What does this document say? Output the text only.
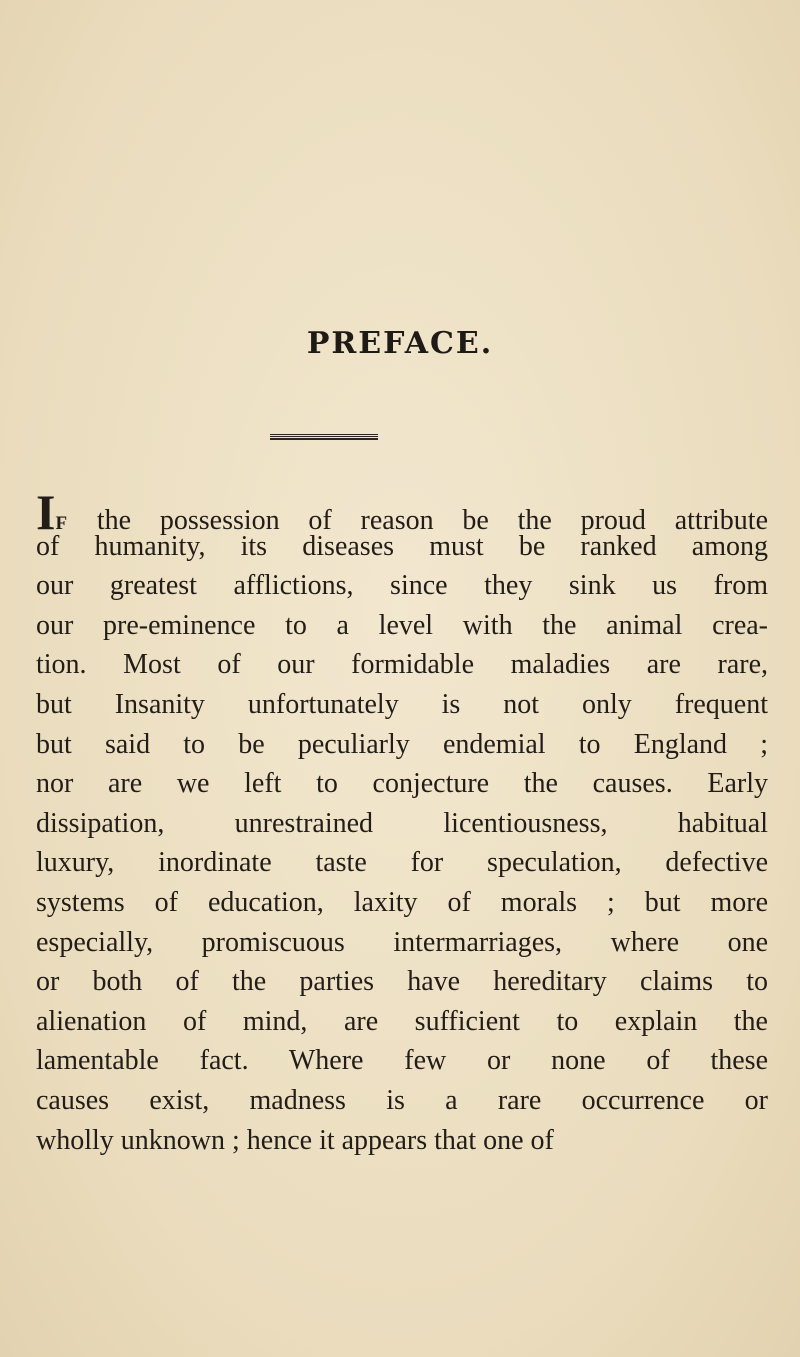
PREFACE.
IF the possession of reason be the proud attribute
of humanity, its diseases must be ranked among
our greatest afflictions, since they sink us from
our pre-eminence to a level with the animal crea-
tion. Most of our formidable maladies are rare,
but Insanity unfortunately is not only frequent
but said to be peculiarly endemial to England ;
nor are we left to conjecture the causes. Early
dissipation, unrestrained licentiousness, habitual
luxury, inordinate taste for speculation, defective
systems of education, laxity of morals ; but more
especially, promiscuous intermarriages, where one
or both of the parties have hereditary claims to
alienation of mind, are sufficient to explain the
lamentable fact. Where few or none of these
causes exist, madness is a rare occurrence or
wholly unknown ; hence it appears that one of
